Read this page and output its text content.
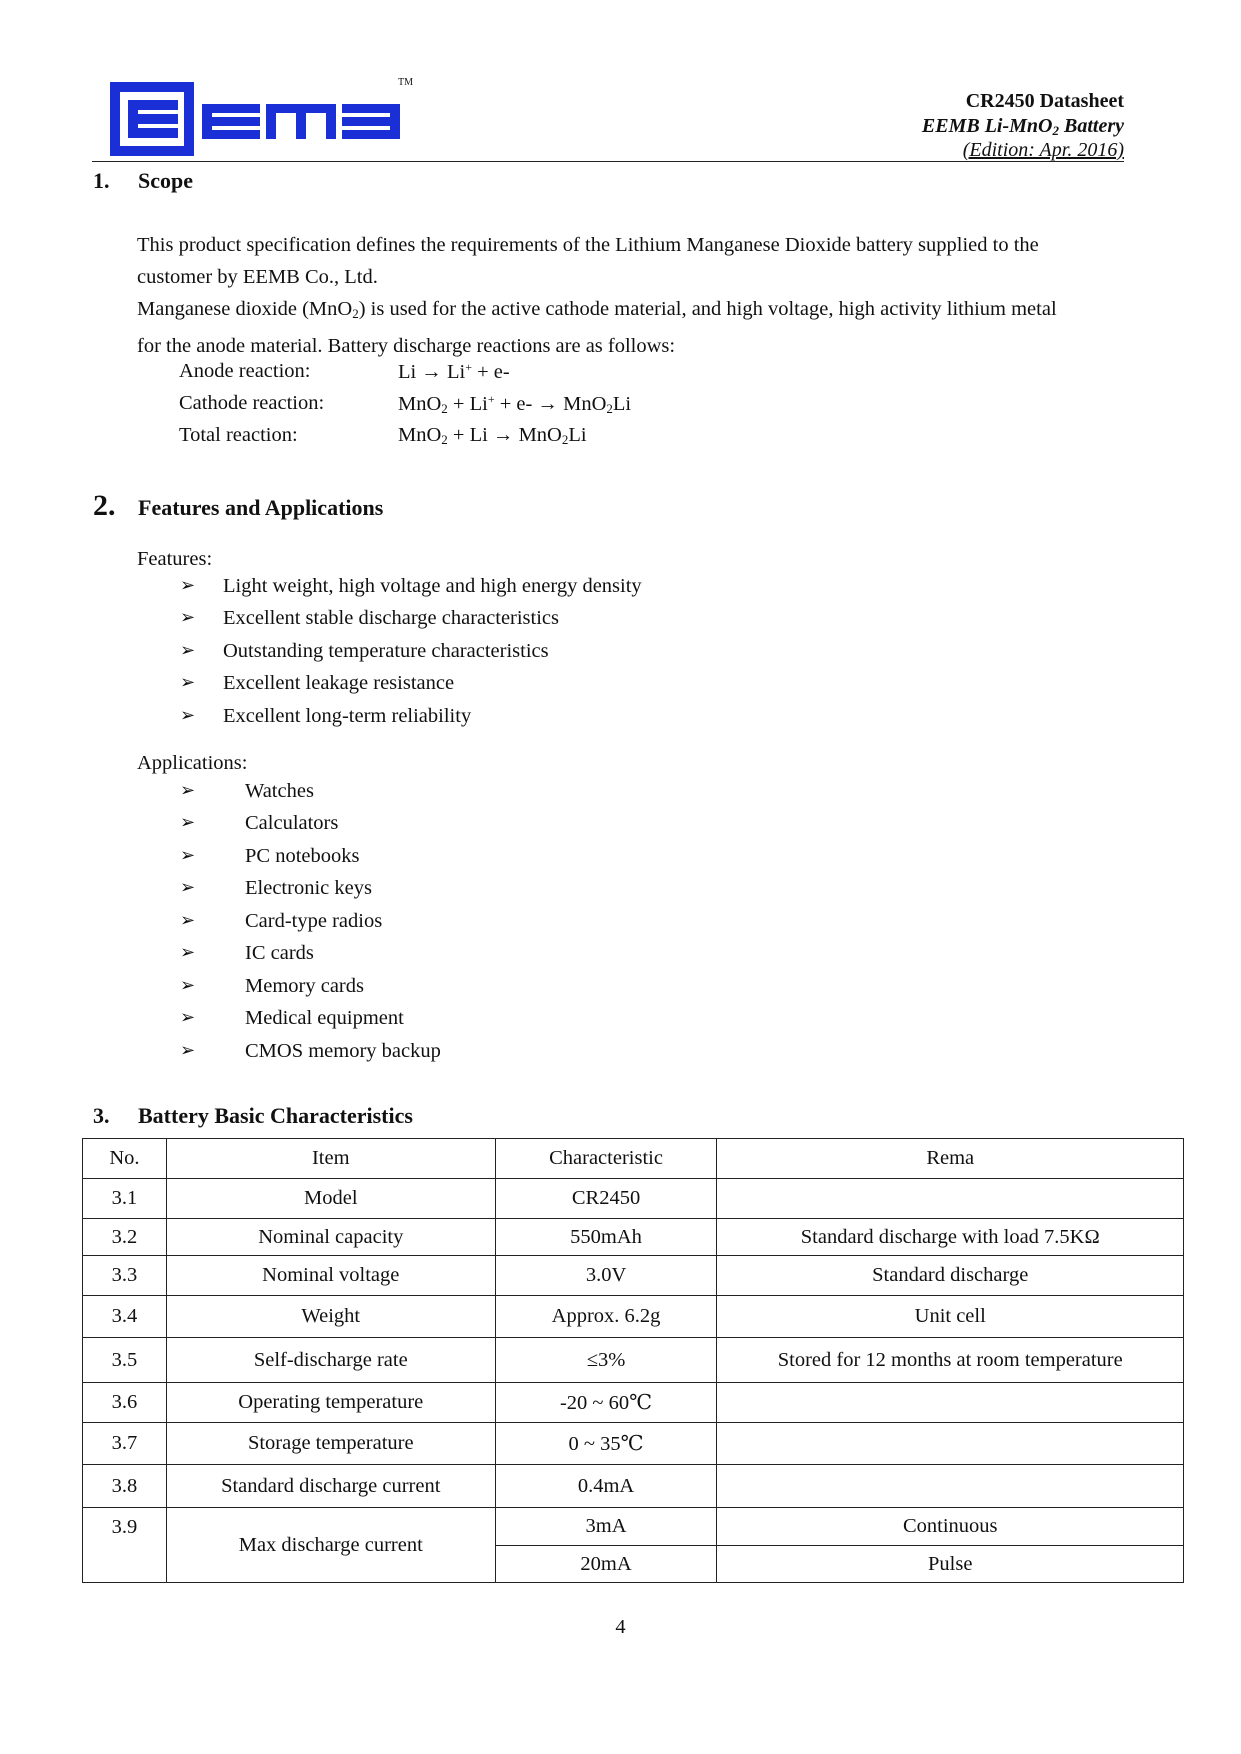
TM
CR2450 Datasheet
EEMB Li-MnO$_2$ Battery
(Edition: Apr. 2016)
1. Scope
This product specification defines the requirements of the Lithium Manganese Dioxide battery supplied to the
customer by EEMB Co., Ltd.
Manganese dioxide (MnO$_2$) is used for the active cathode material, and high voltage, high activity lithium metal
for the anode material. Battery discharge reactions are as follows:
Anode reaction:	Li → Li+ + e-
Cathode reaction:	MnO$_2$ + Li+ + e- → MnO$_2$Li
Total reaction:	MnO$_2$ + Li → MnO$_2$Li
2. Features and Applications
Features:
➢ Light weight, high voltage and high energy density
➢ Excellent stable discharge characteristics
➢ Outstanding temperature characteristics
➢ Excellent leakage resistance
➢ Excellent long-term reliability
Applications:
➢ Watches
➢ Calculators
➢ PC notebooks
➢ Electronic keys
➢ Card-type radios
➢ IC cards
➢ Memory cards
➢ Medical equipment
➢ CMOS memory backup
3. Battery Basic Characteristics
No.	Item	Characteristic	Rema
3.1	Model	CR2450	
3.2	Nominal capacity	550mAh	Standard discharge with load 7.5KΩ
3.3	Nominal voltage	3.0V	Standard discharge
3.4	Weight	Approx. 6.2g	Unit cell
3.5	Self-discharge rate	≤3%	Stored for 12 months at room temperature
3.6	Operating temperature	-20 ~ 60℃	
3.7	Storage temperature	0 ~ 35℃	
3.8	Standard discharge current	0.4mA	
3.9	Max discharge current	3mA	Continuous
		20mA	Pulse
4
